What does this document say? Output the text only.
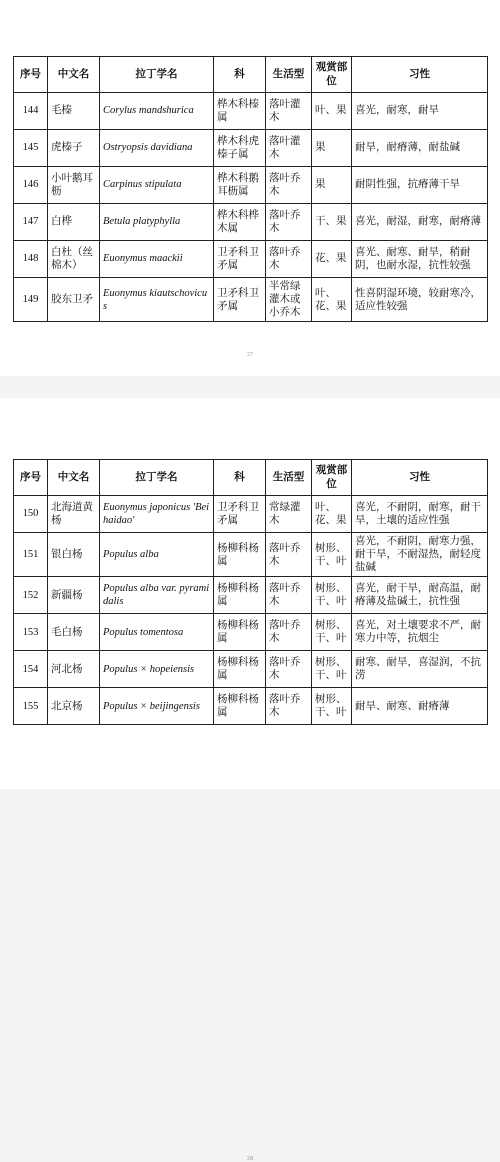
序号	中文名	拉丁学名	科	生活型	观赏部位	习性
144	毛榛	Corylus mandshurica	桦木科榛属	落叶灌木	叶、果	喜光，耐寒，耐旱
145	虎榛子	Ostryopsis davidiana	桦木科虎榛子属	落叶灌木	果	耐旱，耐瘠薄，耐盐碱
146	小叶鹅耳枥	Carpinus stipulata	桦木科鹅耳枥属	落叶乔木	果	耐阴性强，抗瘠薄干旱
147	白桦	Betula platyphylla	桦木科桦木属	落叶乔木	干、果	喜光，耐湿，耐寒，耐瘠薄
148	白杜（丝棉木）	Euonymus maackii	卫矛科卫矛属	落叶乔木	花、果	喜光、耐寒、耐旱，稍耐阴，也耐水湿，抗性较强
149	胶东卫矛	Euonymus kiautschovicus	卫矛科卫矛属	半常绿灌木或小乔木	叶、花、果	性喜阴湿环境，较耐寒冷，适应性较强
27
序号	中文名	拉丁学名	科	生活型	观赏部位	习性
150	北海道黄杨	Euonymus japonicus 'Beihaidao'	卫矛科卫矛属	常绿灌木	叶、花、果	喜光，不耐阴，耐寒，耐干旱，土壤的适应性强
151	银白杨	Populus alba	杨柳科杨属	落叶乔木	树形、干、叶	喜光，不耐阴，耐寒力强，耐干旱，不耐湿热，耐轻度盐碱
152	新疆杨	Populus alba var. pyramidalis	杨柳科杨属	落叶乔木	树形、干、叶	喜光，耐干旱，耐高温，耐瘠薄及盐碱土，抗性强
153	毛白杨	Populus tomentosa	杨柳科杨属	落叶乔木	树形、干、叶	喜光，对土壤要求不严，耐寒力中等，抗烟尘
154	河北杨	Populus × hopeiensis	杨柳科杨属	落叶乔木	树形、干、叶	耐寒、耐旱，喜湿润，不抗涝
155	北京杨	Populus × beijingensis	杨柳科杨属	落叶乔木	树形、干、叶	耐旱、耐寒、耐瘠薄
28
